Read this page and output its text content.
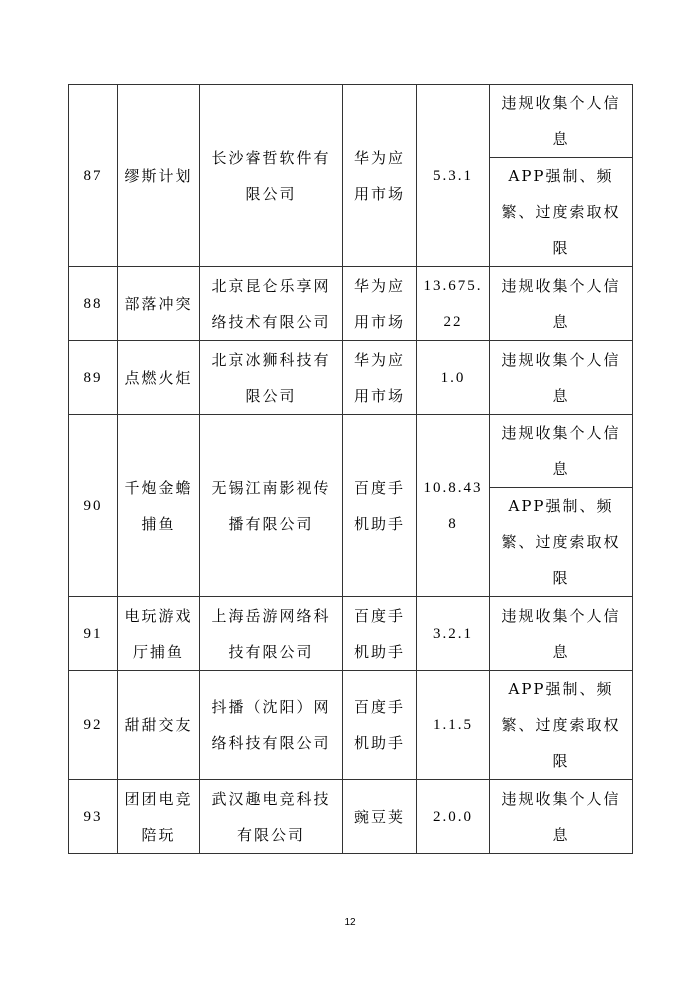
87	缪斯计划	长沙睿哲软件有限公司	华为应用市场	5.3.1	违规收集个人信息
					APP强制、频繁、过度索取权限
88	部落冲突	北京昆仑乐享网络技术有限公司	华为应用市场	13.675.22	违规收集个人信息
89	点燃火炬	北京冰狮科技有限公司	华为应用市场	1.0	违规收集个人信息
90	千炮金蟾捕鱼	无锡江南影视传播有限公司	百度手机助手	10.8.438	违规收集个人信息
					APP强制、频繁、过度索取权限
91	电玩游戏厅捕鱼	上海岳游网络科技有限公司	百度手机助手	3.2.1	违规收集个人信息
92	甜甜交友	抖播（沈阳）网络科技有限公司	百度手机助手	1.1.5	APP强制、频繁、过度索取权限
93	团团电竞陪玩	武汉趣电竞科技有限公司	豌豆荚	2.0.0	违规收集个人信息
12
